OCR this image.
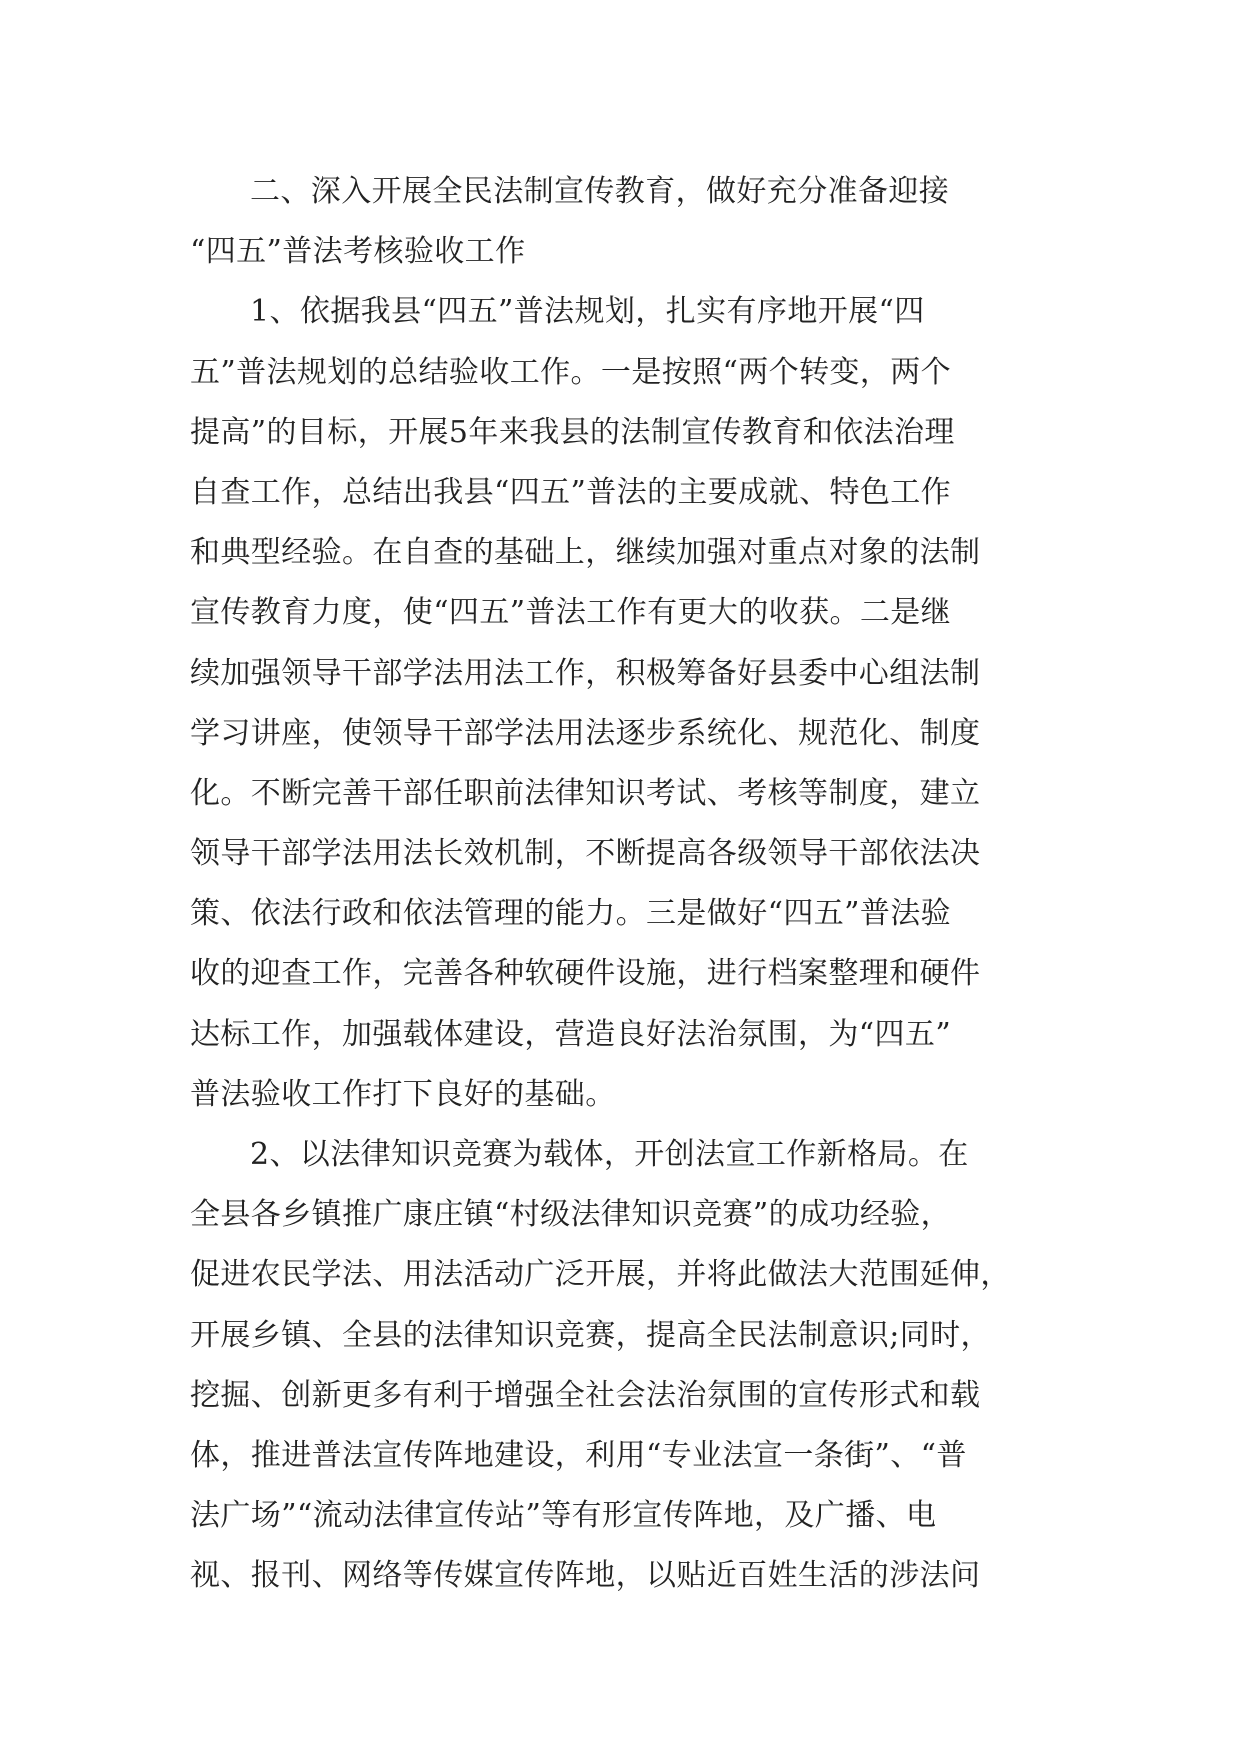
二、深入开展全民法制宣传教育，做好充分准备迎接
“四五”普法考核验收工作
1、依据我县“四五”普法规划，扎实有序地开展“四
五”普法规划的总结验收工作。一是按照“两个转变，两个
提高”的目标，开展5年来我县的法制宣传教育和依法治理
自查工作，总结出我县“四五”普法的主要成就、特色工作
和典型经验。在自查的基础上，继续加强对重点对象的法制
宣传教育力度，使“四五”普法工作有更大的收获。二是继
续加强领导干部学法用法工作，积极筹备好县委中心组法制
学习讲座，使领导干部学法用法逐步系统化、规范化、制度
化。不断完善干部任职前法律知识考试、考核等制度，建立
领导干部学法用法长效机制，不断提高各级领导干部依法决
策、依法行政和依法管理的能力。三是做好“四五”普法验
收的迎查工作，完善各种软硬件设施，进行档案整理和硬件
达标工作，加强载体建设，营造良好法治氛围，为“四五”
普法验收工作打下良好的基础。
2、以法律知识竞赛为载体，开创法宣工作新格局。在
全县各乡镇推广康庄镇“村级法律知识竞赛”的成功经验，
促进农民学法、用法活动广泛开展，并将此做法大范围延伸，
开展乡镇、全县的法律知识竞赛，提高全民法制意识;同时，
挖掘、创新更多有利于增强全社会法治氛围的宣传形式和载
体，推进普法宣传阵地建设，利用“专业法宣一条街”、“普
法广场”“流动法律宣传站”等有形宣传阵地，及广播、电
视、报刊、网络等传媒宣传阵地，以贴近百姓生活的涉法问
